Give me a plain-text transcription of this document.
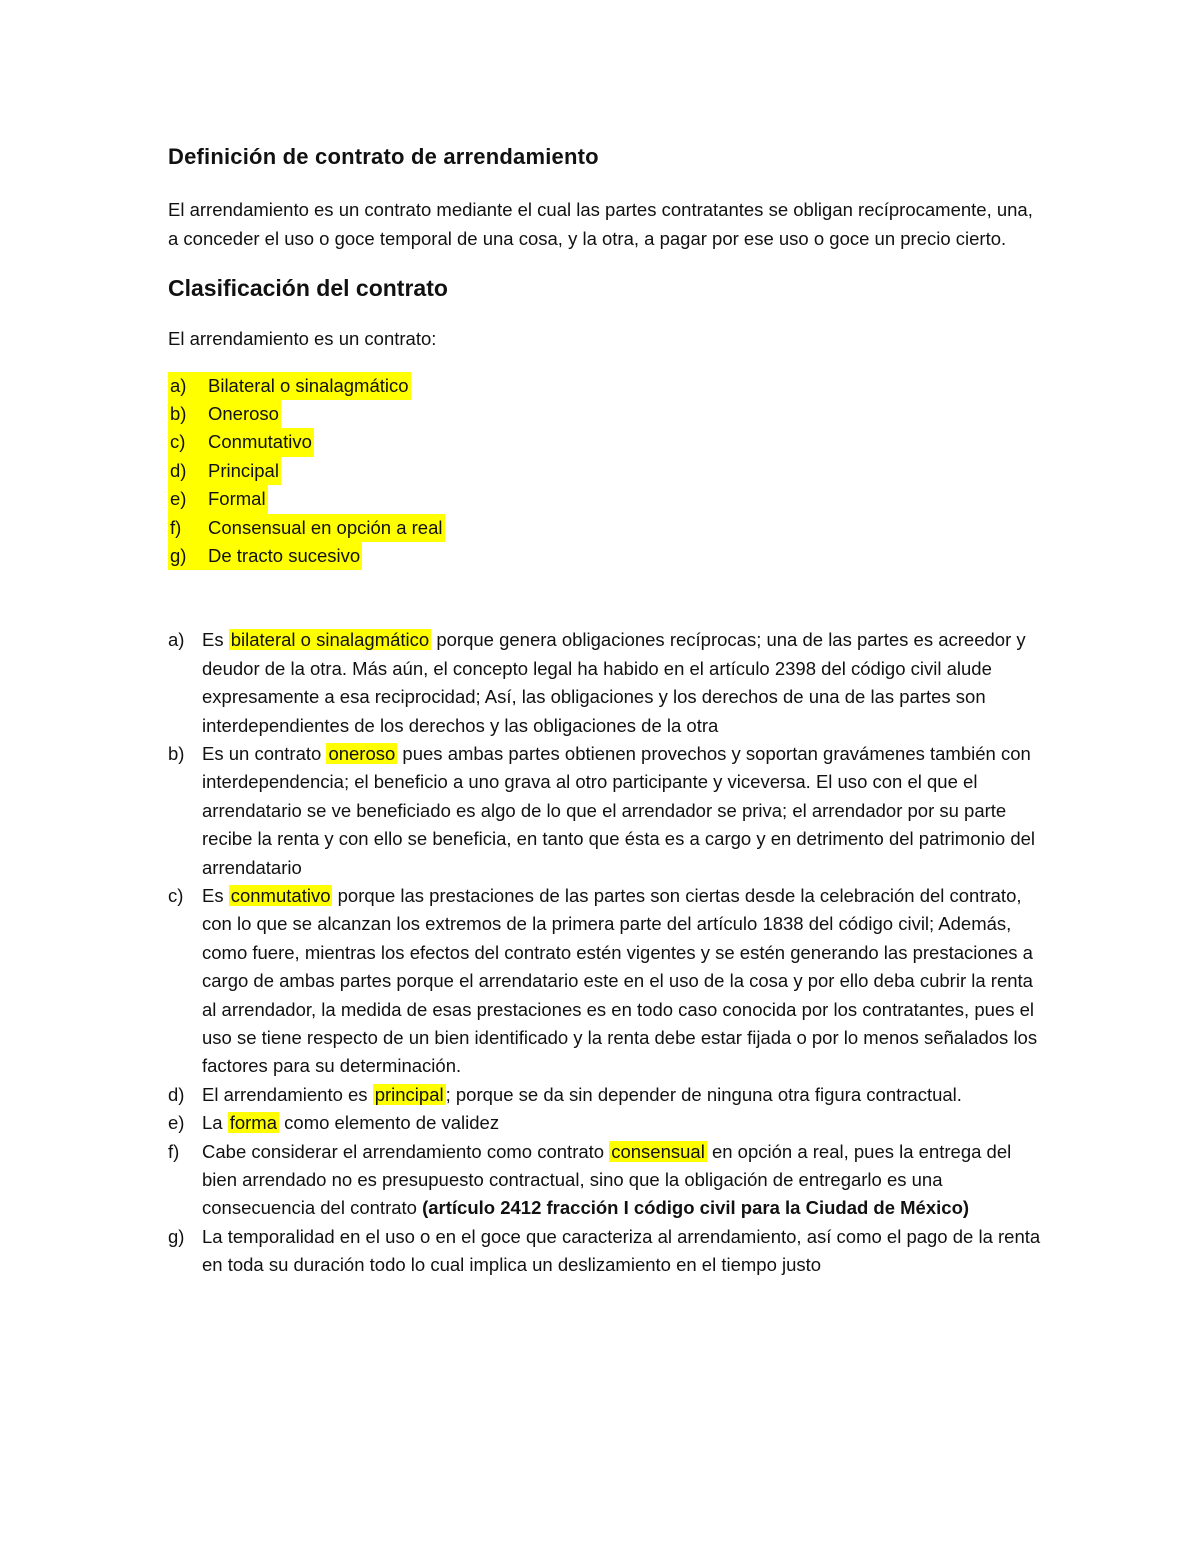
Definición de contrato de arrendamiento

El arrendamiento es un contrato mediante el cual las partes contratantes se obligan recíprocamente, una, a conceder el uso o goce temporal de una cosa, y la otra, a pagar por ese uso o goce un precio cierto.

Clasificación del contrato

El arrendamiento es un contrato:

a)	Bilateral o sinalagmático
b)	Oneroso
c)	Conmutativo
d)	Principal
e)	Formal
f)	Consensual en opción a real
g)	De tracto sucesivo
a) Es bilateral o sinalagmático porque genera obligaciones recíprocas; una de las partes es acreedor y deudor de la otra. Más aún, el concepto legal ha habido en el artículo 2398 del código civil alude expresamente a esa reciprocidad; Así, las obligaciones y los derechos de una de las partes son interdependientes de los derechos y las obligaciones de la otra
b) Es un contrato oneroso pues ambas partes obtienen provechos y soportan gravámenes también con interdependencia; el beneficio a uno grava al otro participante y viceversa. El uso con el que el arrendatario se ve beneficiado es algo de lo que el arrendador se priva; el arrendador por su parte recibe la renta y con ello se beneficia, en tanto que ésta es a cargo y en detrimento del patrimonio del arrendatario
c)	Es conmutativo porque las prestaciones de las partes son ciertas desde la celebración del contrato, con lo que se alcanzan los extremos de la primera parte del artículo 1838 del código civil; Además, como fuere, mientras los efectos del contrato estén vigentes y se estén generando las prestaciones a cargo de ambas partes porque el arrendatario este en el uso de la cosa y por ello deba cubrir la renta al arrendador, la medida de esas prestaciones es en todo caso conocida por los contratantes, pues el uso se tiene respecto de un bien identificado y la renta debe estar fijada o por lo menos señalados los factores para su determinación.
d) El arrendamiento es principal ; porque se da sin depender de ninguna otra figura contractual.
e) La forma como elemento de validez
f)	Cabe considerar el arrendamiento como contrato consensual en opción a real, pues la entrega del bien arrendado no es presupuesto contractual, sino que la obligación de entregarlo es una consecuencia del contrato (artículo 2412 fracción I código civil para la Ciudad de México)
g) La temporalidad en el uso o en el goce que caracteriza al arrendamiento, así como el pago de la renta en toda su duración todo lo cual implica un deslizamiento en el tiempo justo
